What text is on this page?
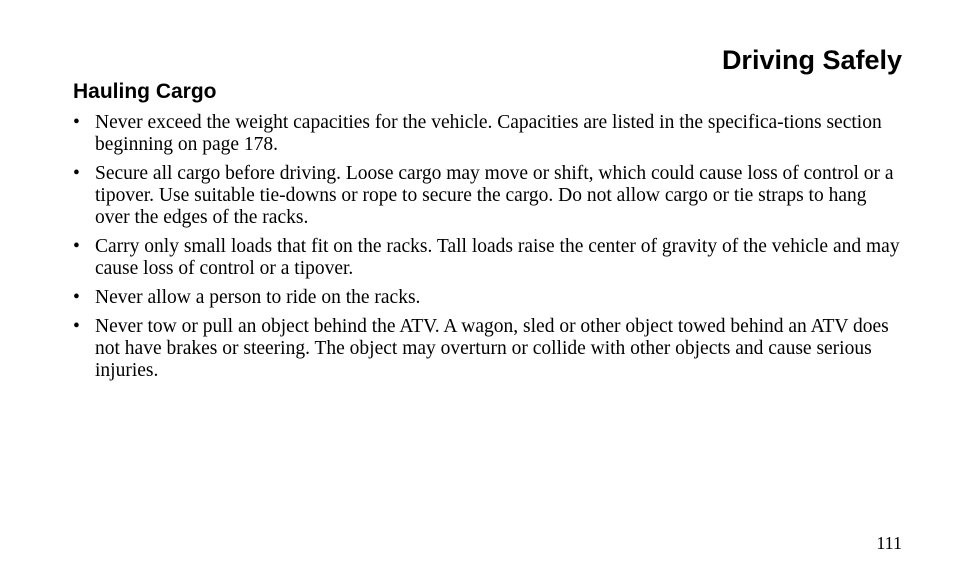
Driving Safely
Hauling Cargo
• Never exceed the weight capacities for the vehicle. Capacities are listed in the specifica-tions section beginning on page 178.
• Secure all cargo before driving. Loose cargo may move or shift, which could cause loss of control or a tipover. Use suitable tie-downs or rope to secure the cargo. Do not allow cargo or tie straps to hang over the edges of the racks.
• Carry only small loads that fit on the racks. Tall loads raise the center of gravity of the vehicle and may cause loss of control or a tipover.
• Never allow a person to ride on the racks.
• Never tow or pull an object behind the ATV. A wagon, sled or other object towed behind an ATV does not have brakes or steering. The object may overturn or collide with other objects and cause serious injuries.

111
